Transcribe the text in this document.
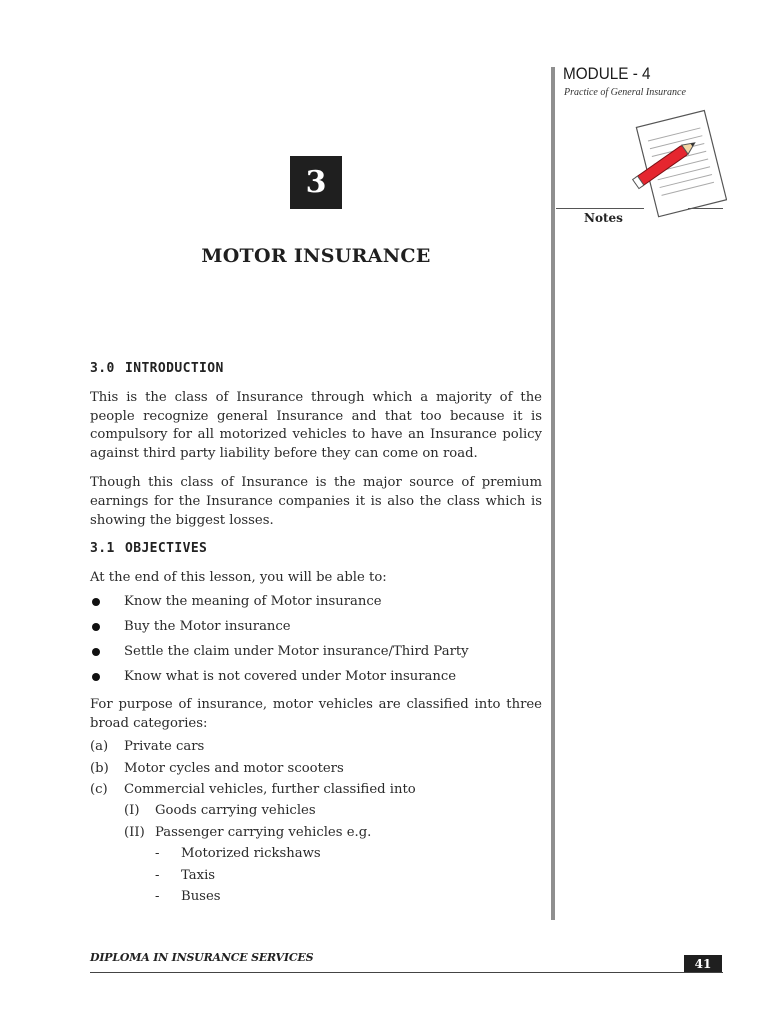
MODULE - 4
Practice of General Insurance
Notes
3
MOTOR INSURANCE
3.0 INTRODUCTION

This is the class of Insurance through which a majority of the people recognize general Insurance and that too because it is compulsory for all motorized vehicles to have an Insurance policy against third party liability before they can come on road.

Though this class of Insurance is the major source of premium earnings for the Insurance companies it is also the class which is showing the biggest losses.

3.1 OBJECTIVES

At the end of this lesson, you will be able to:

Know the meaning of Motor insurance
Buy the Motor insurance
Settle the claim under Motor insurance/Third Party
Know what is not covered under Motor insurance

For purpose of insurance, motor vehicles are classified into three broad categories:

(a)	Private cars
(b)	Motor cycles and motor scooters
(c)	Commercial vehicles, further classified into
(I)	Goods carrying vehicles
(II) Passenger carrying vehicles e.g.
-	Motorized rickshaws
-	Taxis
-	Buses
DIPLOMA IN INSURANCE SERVICES	41
